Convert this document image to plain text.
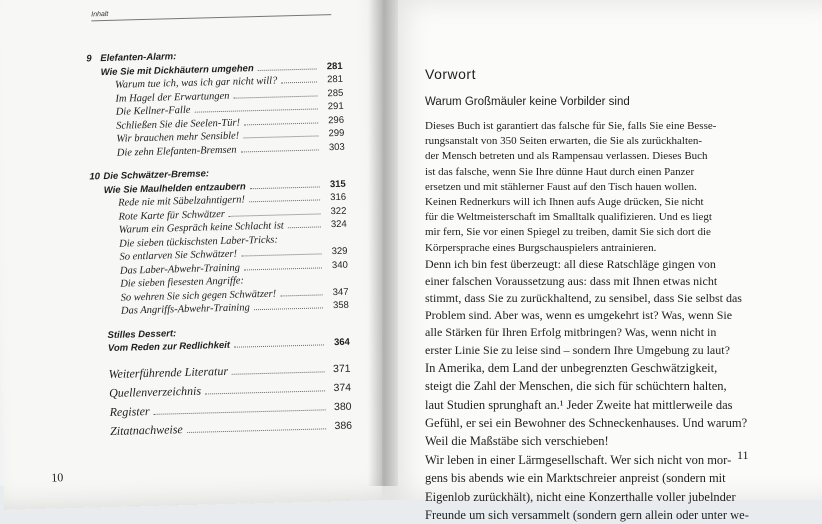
Inhalt
9 Elefanten-Alarm:
Wie Sie mit Dickhäutern umgehen	281
Warum tue ich, was ich gar nicht will?	281
Im Hagel der Erwartungen	285
Die Kellner-Falle	291
Schließen Sie die Seelen-Tür!	296
Wir brauchen mehr Sensible!	299
Die zehn Elefanten-Bremsen	303
10 Die Schwätzer-Bremse:
Wie Sie Maulhelden entzaubern	315
Rede nie mit Säbelzahntigern!	316
Rote Karte für Schwätzer	322
Warum ein Gespräch keine Schlacht ist	324
Die sieben tückischsten Laber-Tricks:
So entlarven Sie Schwätzer!	329
Das Laber-Abwehr-Training	340
Die sieben fiesesten Angriffe:
So wehren Sie sich gegen Schwätzer!	347
Das Angriffs-Abwehr-Training	358
Stilles Dessert:
Vom Reden zur Redlichkeit	364
Weiterführende Literatur	371
Quellenverzeichnis	374
Register	380
Zitatnachweise	386
10
Vorwort
Warum Großmäuler keine Vorbilder sind
Dieses Buch ist garantiert das falsche für Sie, falls Sie eine Besse-
rungsanstalt von 350 Seiten erwarten, die Sie als zurückhalten-
der Mensch betreten und als Rampensau verlassen. Dieses Buch
ist das falsche, wenn Sie Ihre dünne Haut durch einen Panzer
ersetzen und mit stählerner Faust auf den Tisch hauen wollen.
Keinen Rednerkurs will ich Ihnen aufs Auge drücken, Sie nicht
für die Weltmeisterschaft im Smalltalk qualifizieren. Und es liegt
mir fern, Sie vor einen Spiegel zu treiben, damit Sie sich dort die
Körpersprache eines Burgschauspielers antrainieren.
Denn ich bin fest überzeugt: all diese Ratschläge gingen von
einer falschen Voraussetzung aus: dass mit Ihnen etwas nicht
stimmt, dass Sie zu zurückhaltend, zu sensibel, dass Sie selbst das
Problem sind. Aber was, wenn es umgekehrt ist? Was, wenn Sie
alle Stärken für Ihren Erfolg mitbringen? Was, wenn nicht in
erster Linie Sie zu leise sind – sondern Ihre Umgebung zu laut?
In Amerika, dem Land der unbegrenzten Geschwätzigkeit,
steigt die Zahl der Menschen, die sich für schüchtern halten,
laut Studien sprunghaft an.¹ Jeder Zweite hat mittlerweile das
Gefühl, er sei ein Bewohner des Schneckenhauses. Und warum?
Weil die Maßstäbe sich verschieben!
Wir leben in einer Lärmgesellschaft. Wer sich nicht von mor-
gens bis abends wie ein Marktschreier anpreist (sondern mit
Eigenlob zurückhält), nicht eine Konzerthalle voller jubelnder
Freunde um sich versammelt (sondern gern allein oder unter we-
11
